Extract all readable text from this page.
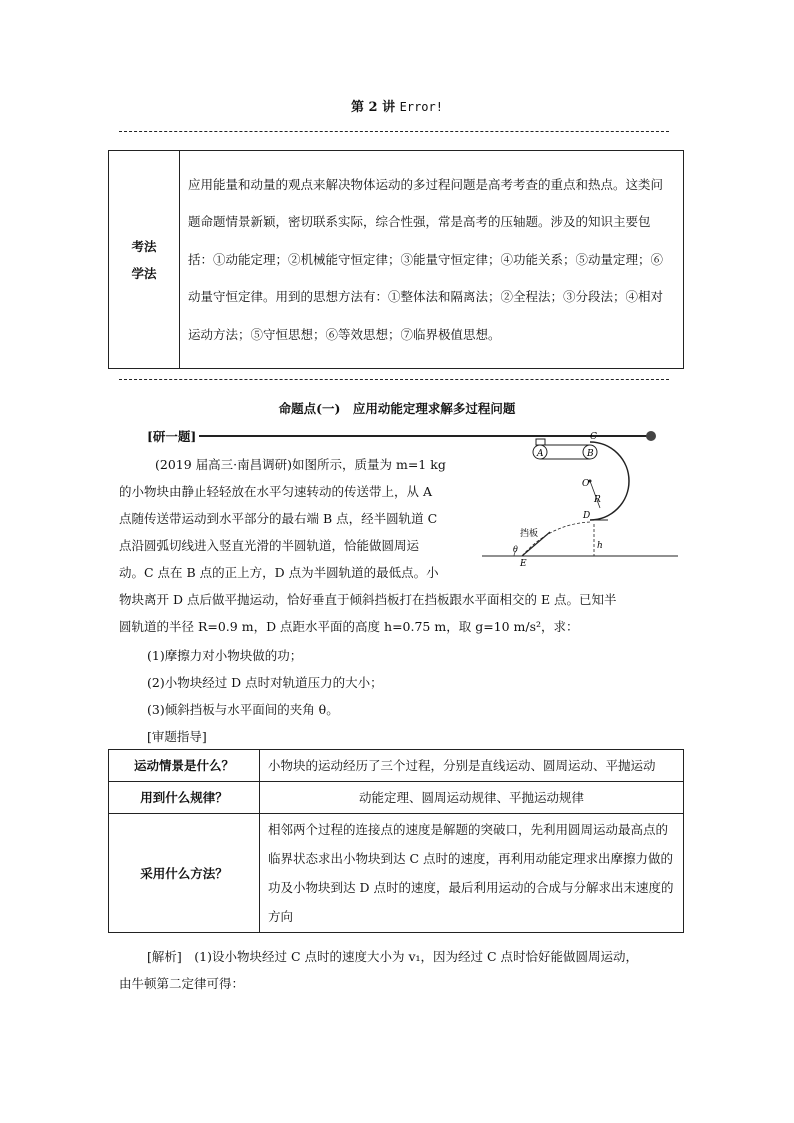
第 2 讲 Error!
考法
学法
	应用能量和动量的观点来解决物体运动的多过程问题是高考考查的重点和热点。这类问题命题情景新颖，密切联系实际，综合性强，常是高考的压轴题。涉及的知识主要包括：①动能定理；②机械能守恒定律；③能量守恒定律；④功能关系；⑤动量定理；⑥动量守恒定律。用到的思想方法有：①整体法和隔离法；②全程法；③分段法；④相对运动方法；⑤守恒思想；⑥等效思想；⑦临界极值思想。
命题点(一)　应用动能定理求解多过程问题
[研一题]
(2019 届高三·南昌调研)如图所示，质量为 m=1 kg
的小物块由静止轻轻放在水平匀速转动的传送带上，从 A
点随传送带运动到水平部分的最右端 B 点，经半圆轨道 C
点沿圆弧切线进入竖直光滑的半圆轨道，恰能做圆周运
动。C 点在 B 点的正上方，D 点为半圆轨道的最低点。小
物块离开 D 点后做平抛运动，恰好垂直于倾斜挡板打在挡板跟水平面相交的 E 点。已知半
圆轨道的半径 R=0.9 m，D 点距水平面的高度 h=0.75 m，取 g=10 m/s²，求：
(1)摩擦力对小物块做的功；
(2)小物块经过 D 点时对轨道压力的大小；
(3)倾斜挡板与水平面间的夹角 θ。
A	B
C
O
R
D
h
E
θ
挡板
[审题指导]
运动情景是什么？	小物块的运动经历了三个过程，分别是直线运动、圆周运动、平抛运动
用到什么规律？	动能定理、圆周运动规律、平抛运动规律
采用什么方法？	相邻两个过程的连接点的速度是解题的突破口，先利用圆周运动最高点的临界状态求出小物块到达 C 点时的速度，再利用动能定理求出摩擦力做的功及小物块到达 D 点时的速度，最后利用运动的合成与分解求出末速度的方向
[解析]　(1)设小物块经过 C 点时的速度大小为 v₁，因为经过 C 点时恰好能做圆周运动，
由牛顿第二定律可得：
